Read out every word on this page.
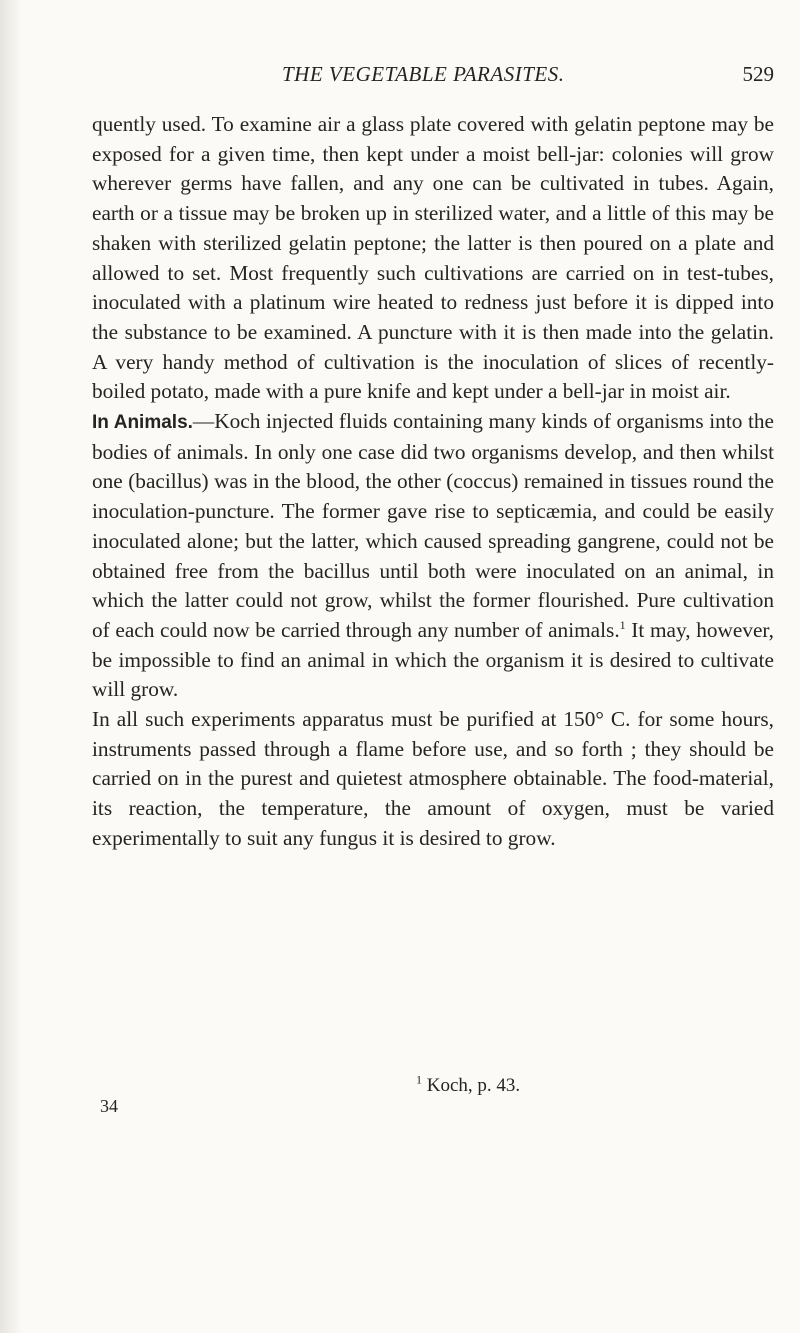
THE VEGETABLE PARASITES.	529

quently used. To examine air a glass plate covered with gelatin peptone may be exposed for a given time, then kept under a moist bell-jar: colonies will grow wherever germs have fallen, and any one can be cultivated in tubes. Again, earth or a tissue may be broken up in sterilized water, and a little of this may be shaken with sterilized gelatin peptone; the latter is then poured on a plate and allowed to set. Most frequently such cultivations are carried on in test-tubes, inoculated with a platinum wire heated to redness just before it is dipped into the substance to be examined. A puncture with it is then made into the gelatin. A very handy method of cultivation is the inoculation of slices of recently-boiled potato, made with a pure knife and kept under a bell-jar in moist air.

In Animals.—Koch injected fluids containing many kinds of organisms into the bodies of animals. In only one case did two organisms develop, and then whilst one (bacillus) was in the blood, the other (coccus) remained in tissues round the inoculation-puncture. The former gave rise to septicæmia, and could be easily inoculated alone; but the latter, which caused spreading gangrene, could not be obtained free from the bacillus until both were inoculated on an animal, in which the latter could not grow, whilst the former flourished. Pure cultivation of each could now be carried through any number of animals.$^1$ It may, however, be impossible to find an animal in which the organism it is desired to cultivate will grow.

In all such experiments apparatus must be purified at 150° C. for some hours, instruments passed through a flame before use, and so forth ; they should be carried on in the purest and quietest atmosphere obtainable. The food-material, its reaction, the temperature, the amount of oxygen, must be varied experimentally to suit any fungus it is desired to grow.

$^1$ Koch, p. 43.
34
